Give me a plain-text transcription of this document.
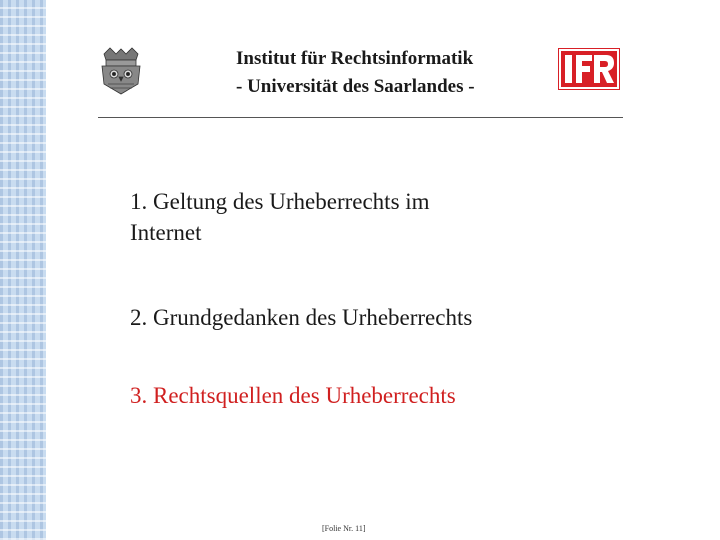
Institut für Rechtsinformatik
- Universität des Saarlandes -
1. Geltung des Urheberrechts im
Internet
2. Grundgedanken des Urheberrechts
3. Rechtsquellen des Urheberrechts
[Folie Nr. 11]
